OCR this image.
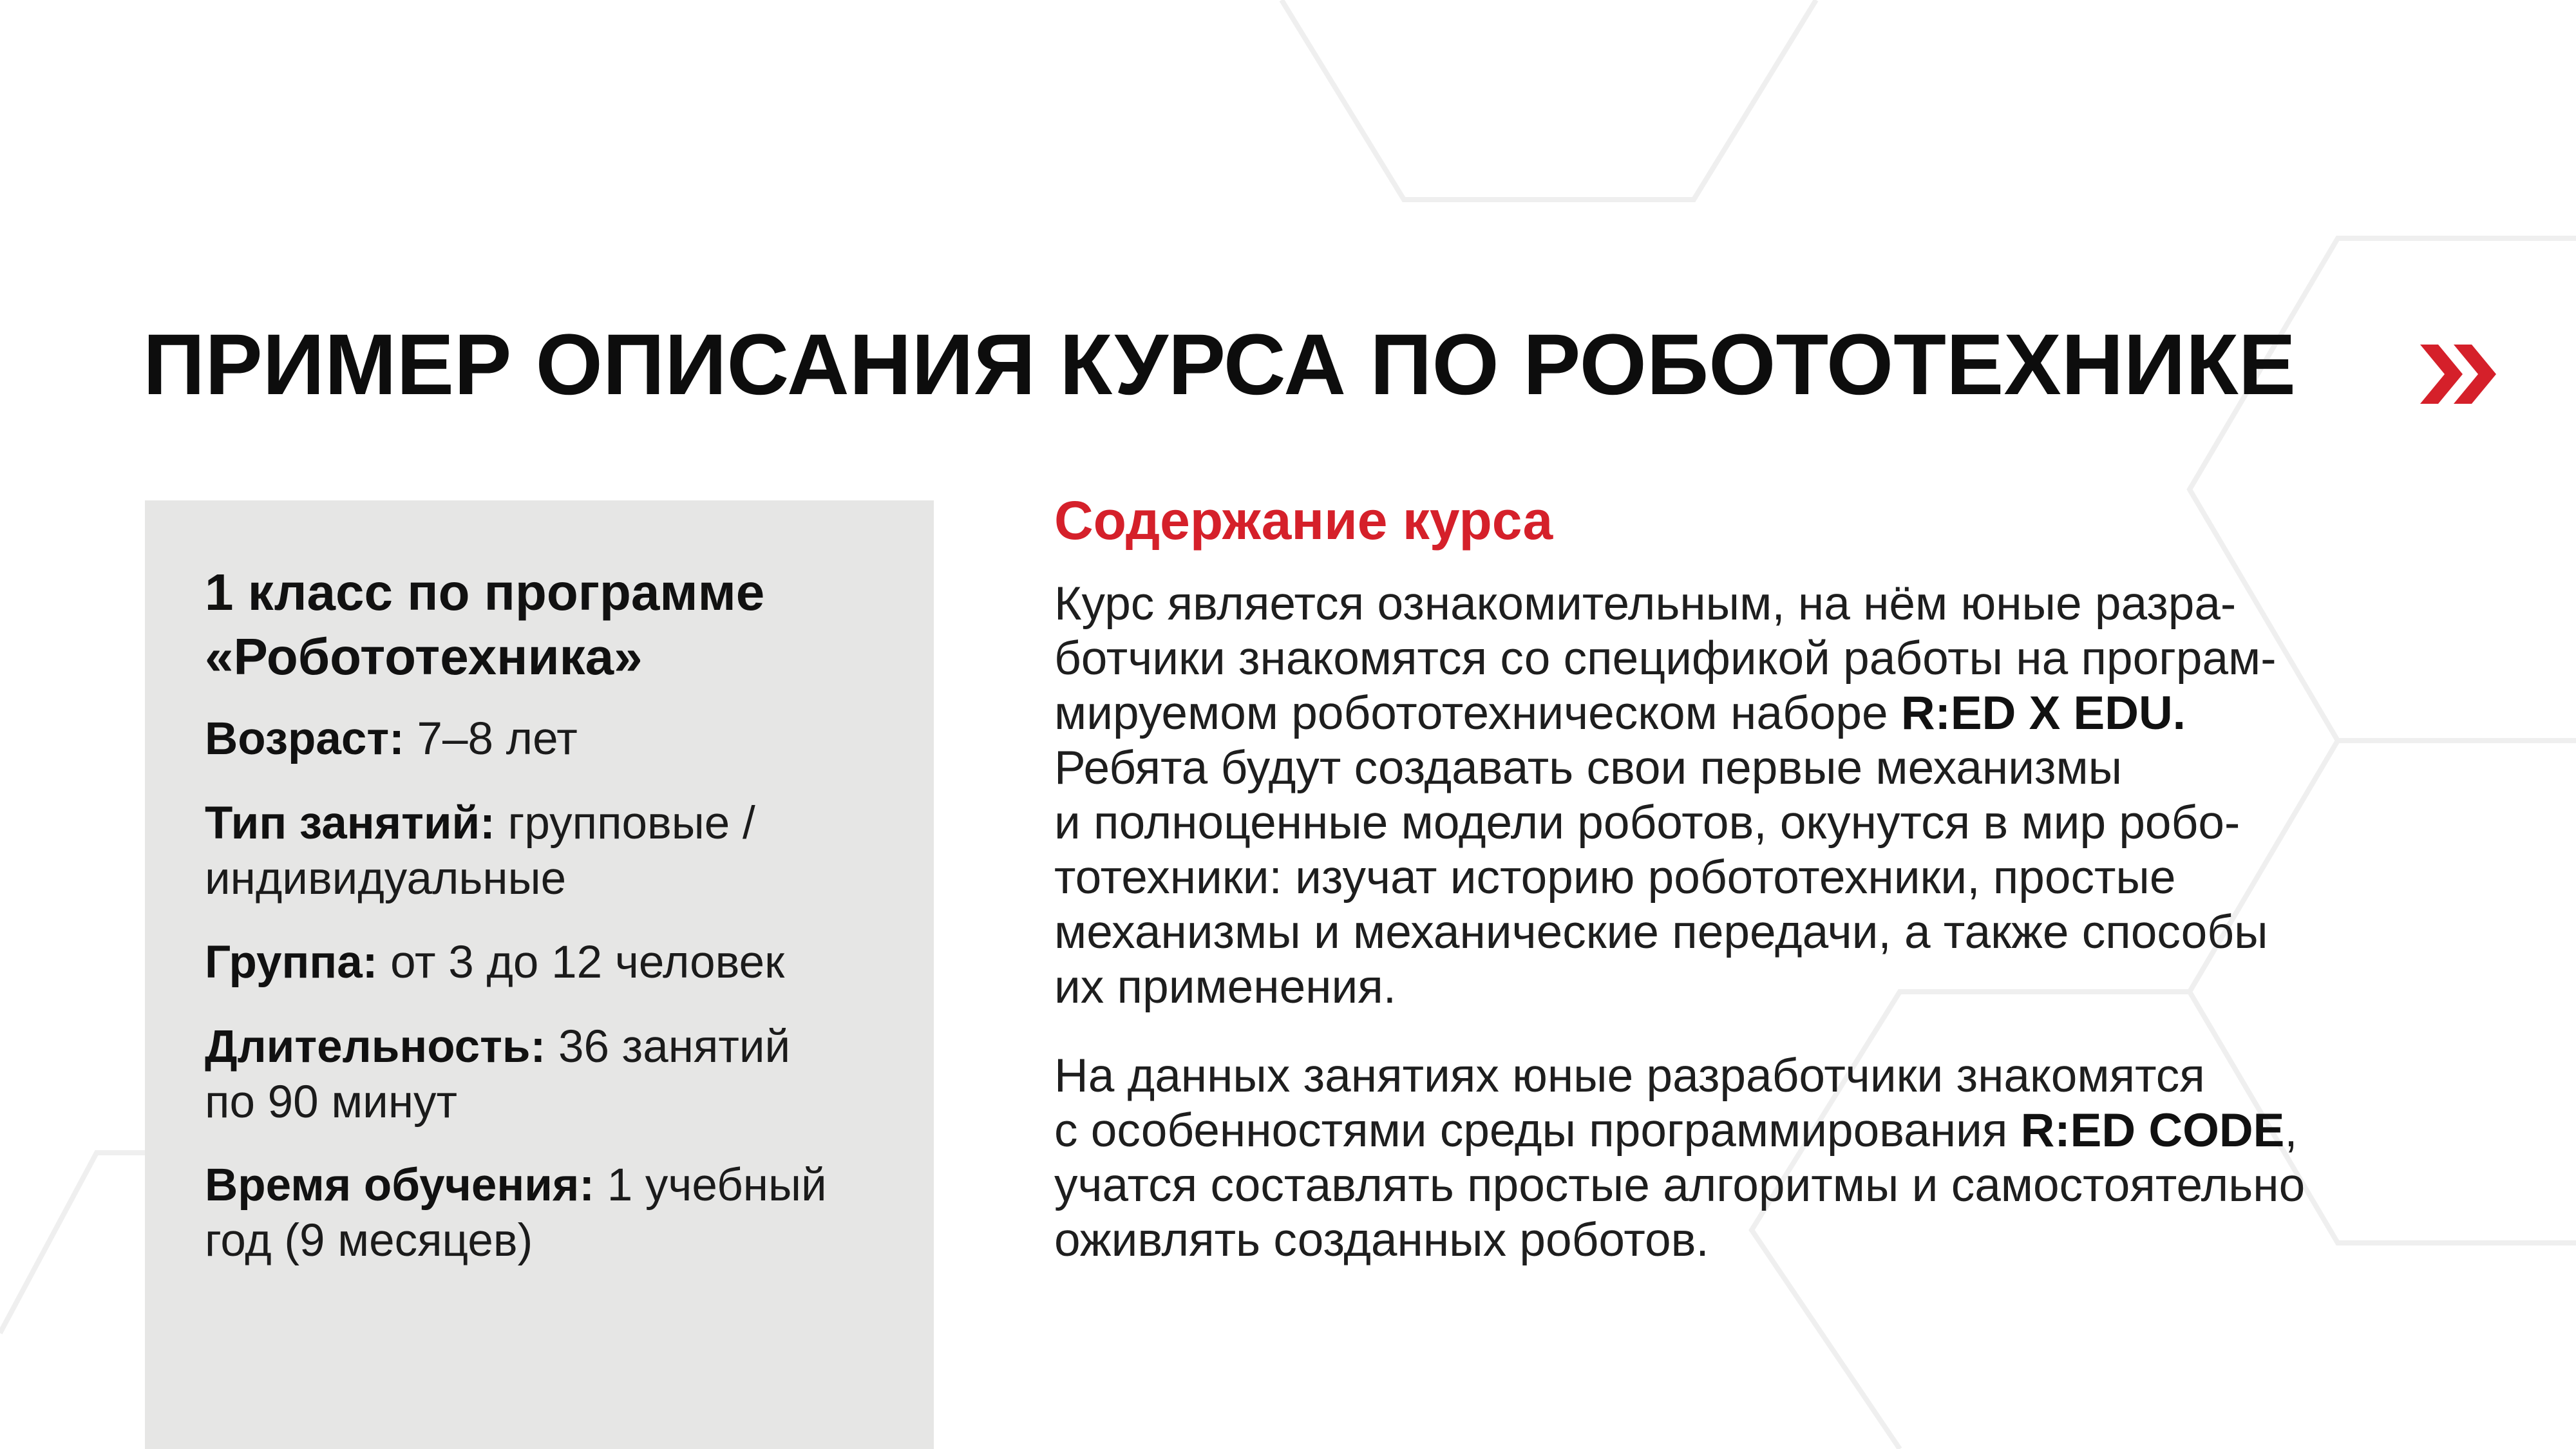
ПРИМЕР ОПИСАНИЯ КУРСА ПО РОБОТОТЕХНИКЕ
1 класс по программе
«Робототехника»
Возраст: 7–8 лет
Тип занятий: групповые /
индивидуальные
Группа: от 3 до 12 человек
Длительность: 36 занятий
по 90 минут
Время обучения: 1 учебный
год (9 месяцев)
Содержание курса
Курс является ознакомительным, на нём юные разра-
ботчики знакомятся со спецификой работы на програм-
мируемом робототехническом наборе R:ED X EDU.
Ребята будут создавать свои первые механизмы
и полноценные модели роботов, окунутся в мир робо-
тотехники: изучат историю робототехники, простые
механизмы и механические передачи, а также способы
их применения.
На данных занятиях юные разработчики знакомятся
с особенностями среды программирования R:ED CODE,
учатся составлять простые алгоритмы и самостоятельно
оживлять созданных роботов.
